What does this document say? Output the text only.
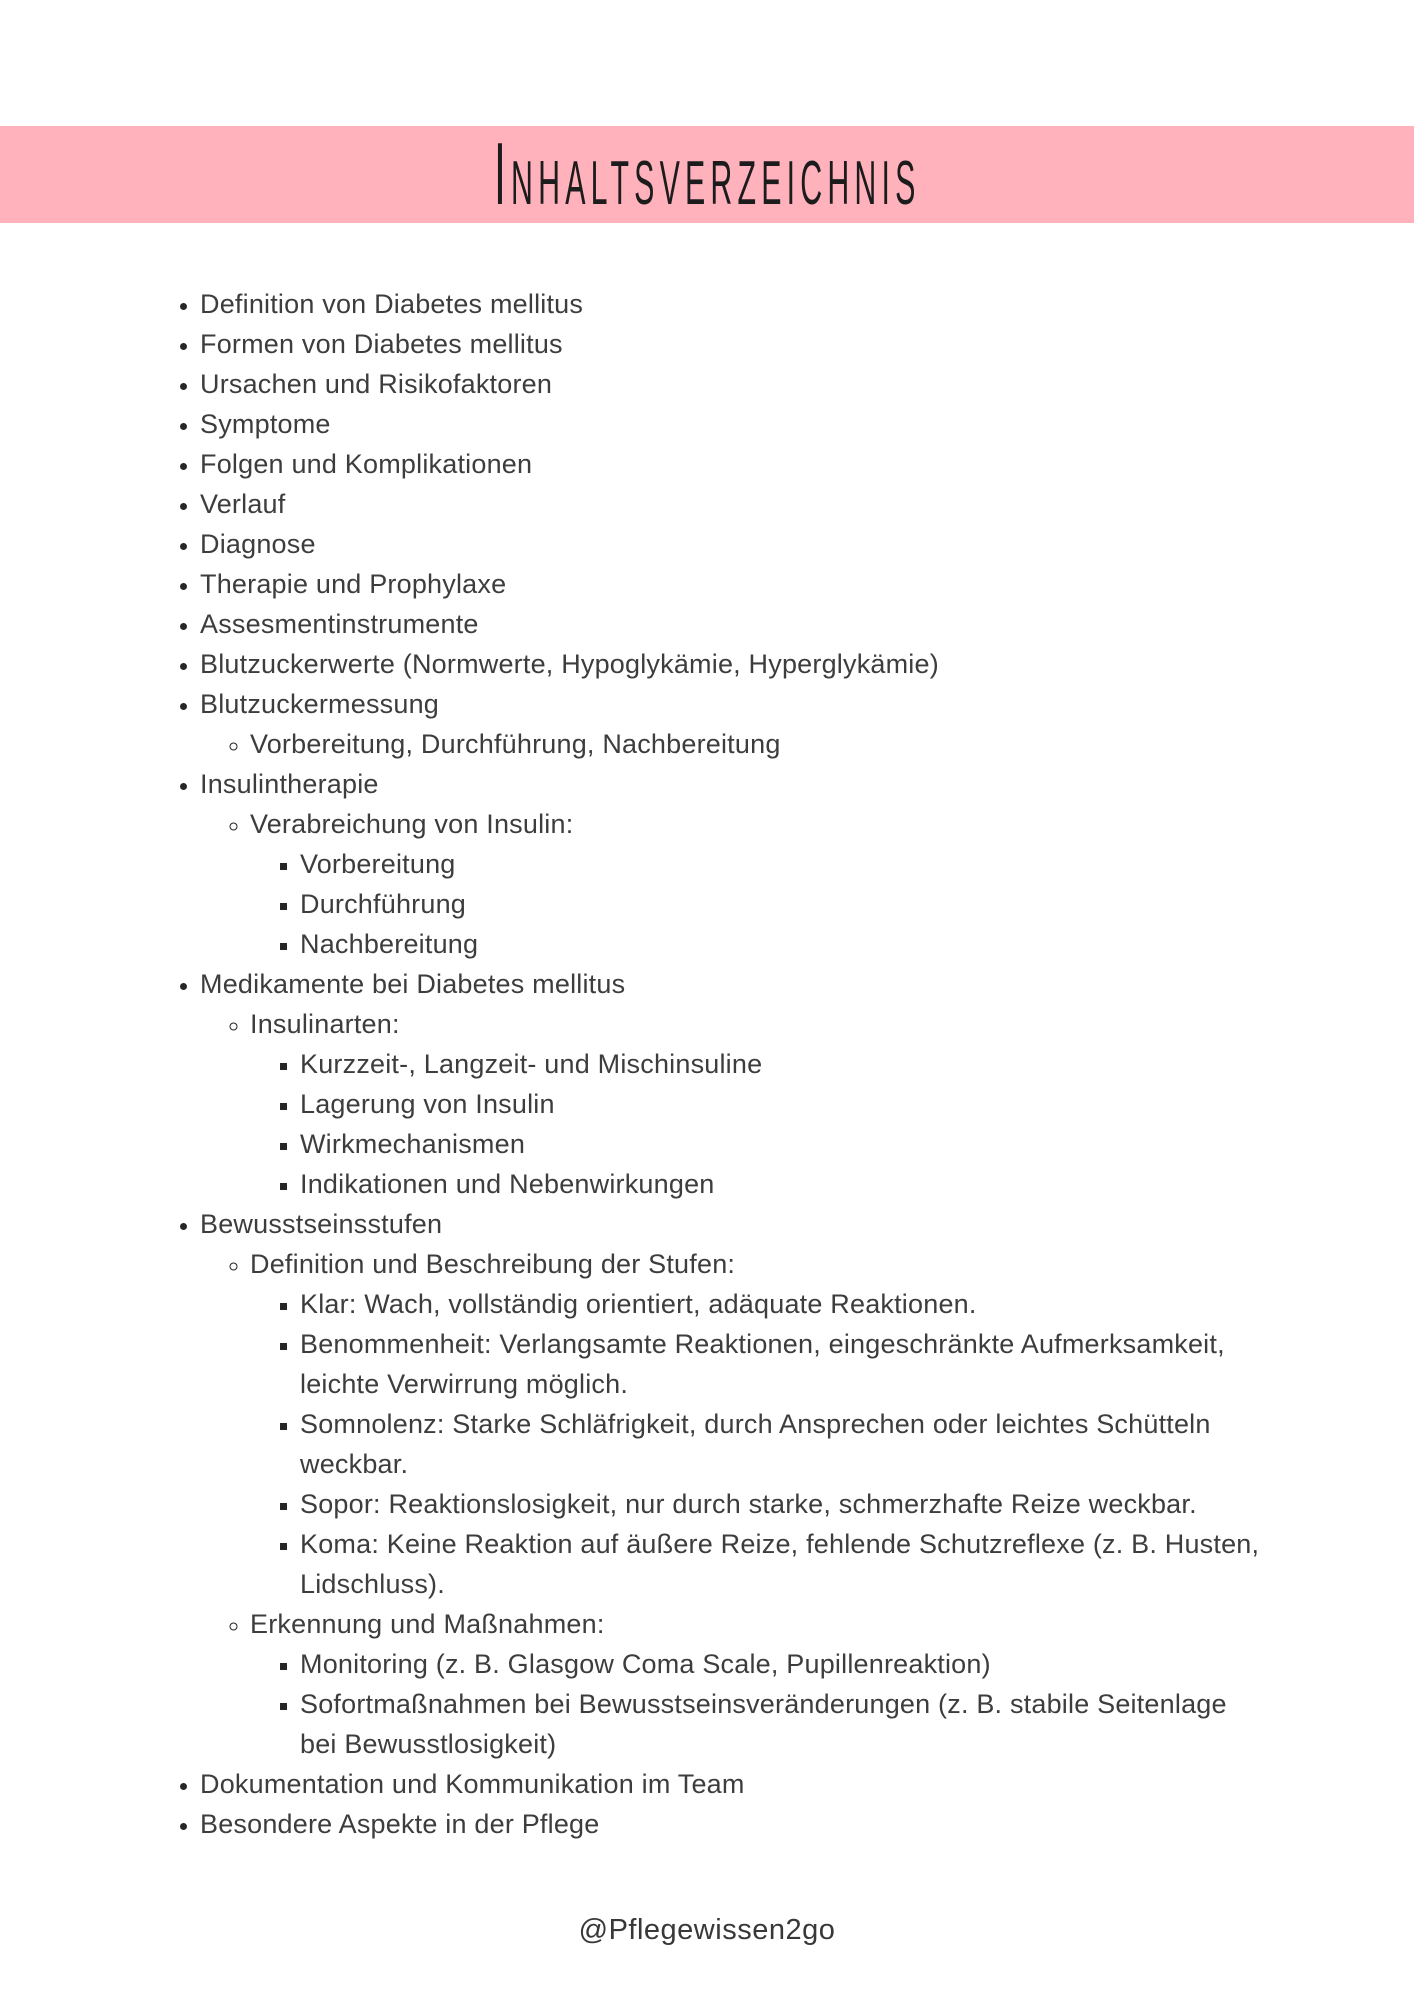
Inhaltsverzeichnis
• Definition von Diabetes mellitus
• Formen von Diabetes mellitus
• Ursachen und Risikofaktoren
• Symptome
• Folgen und Komplikationen
• Verlauf
• Diagnose
• Therapie und Prophylaxe
• Assesmentinstrumente
• Blutzuckerwerte (Normwerte, Hypoglykämie, Hyperglykämie)
• Blutzuckermessung
◦ Vorbereitung, Durchführung, Nachbereitung
• Insulintherapie
◦ Verabreichung von Insulin:
▪ Vorbereitung
▪ Durchführung
▪ Nachbereitung
• Medikamente bei Diabetes mellitus
◦ Insulinarten:
▪ Kurzzeit-, Langzeit- und Mischinsuline
▪ Lagerung von Insulin
▪ Wirkmechanismen
▪ Indikationen und Nebenwirkungen
• Bewusstseinsstufen
◦ Definition und Beschreibung der Stufen:
▪ Klar: Wach, vollständig orientiert, adäquate Reaktionen.
▪ Benommenheit: Verlangsamte Reaktionen, eingeschränkte Aufmerksamkeit, leichte Verwirrung möglich.
▪ Somnolenz: Starke Schläfrigkeit, durch Ansprechen oder leichtes Schütteln weckbar.
▪ Sopor: Reaktionslosigkeit, nur durch starke, schmerzhafte Reize weckbar.
▪ Koma: Keine Reaktion auf äußere Reize, fehlende Schutzreflexe (z. B. Husten, Lidschluss).
◦ Erkennung und Maßnahmen:
▪ Monitoring (z. B. Glasgow Coma Scale, Pupillenreaktion)
▪ Sofortmaßnahmen bei Bewusstseinsveränderungen (z. B. stabile Seitenlage bei Bewusstlosigkeit)
• Dokumentation und Kommunikation im Team
• Besondere Aspekte in der Pflege
@Pflegewissen2go
